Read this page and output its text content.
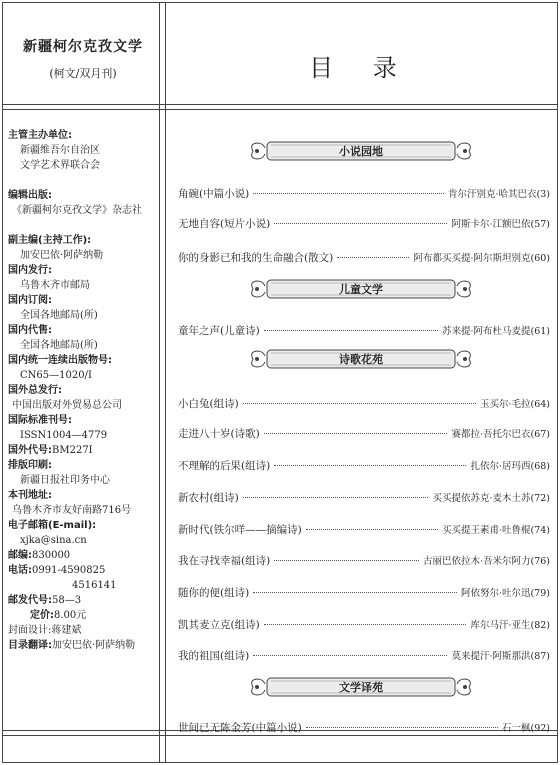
新疆柯尔克孜文学
(柯文/双月刊)	目 录
主管主办单位:
新疆维吾尔自治区
文学艺术界联合会
编辑出版:
《新疆柯尔克孜文学》杂志社
副主编(主持工作):
加安巴依·阿萨纳勒
国内发行:
乌鲁木齐市邮局
国内订阅:
全国各地邮局(所)
国内代售:
全国各地邮局(所)
国内统一连续出版物号:
CN65—1020/I
国外总发行:
中国出版对外贸易总公司
国际标准刊号:
ISSN1004—4779
国外代号:BM227I
排版印刷:
新疆日报社印务中心
本刊地址:
乌鲁木齐市友好南路716号
电子邮箱(E-mail):
xjka@sina.cn
邮编:830000
电话:0991-4590825
4516141
邮发代号:58—3
定价:8.00元
封面设计:蒋建斌
目录翻译:加安巴依·阿萨纳勒
小说园地
角碗(中篇小说)	肯尔汗别克·哈其巴衣(3)
无地自容(短片小说)	阿斯卡尔·江额巴依(57)
你的身影已和我的生命融合(散文)	阿布都买买提·阿尔斯坦别克(60)
儿童文学
童年之声(儿童诗)	苏来提·阿布杜马麦提(61)
诗歌花苑
小白兔(组诗)	玉买尔·毛拉(64)
走进八十岁(诗歌)	赛都拉·吾托尔巴衣(67)
不理解的后果(组诗)	扎依尔·居玛西(68)
新农村(组诗)	买买提依苏克·麦木土苏(72)
新时代(铁尔咩——摘编诗)	买买提王素甫·吐鲁棍(74)
我在寻找幸福(组诗)	古丽巴依拉木·吾米尔阿力(76)
随你的便(组诗)	阿依努尔·吐尔迅(79)
凯其麦立克(组诗)	库尔马汗·亚生(82)
我的祖国(组诗)	莫来提汗·阿斯那洪(87)
文学译苑
世间已无陈金芳(中篇小说)	石一枫(92)
